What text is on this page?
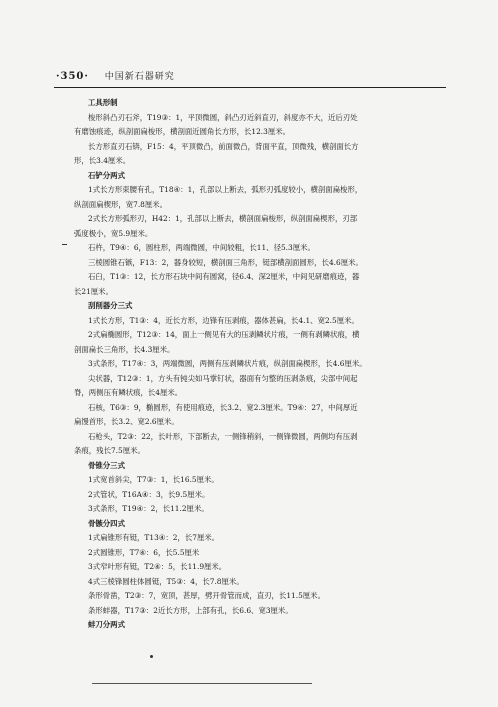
·350· 中国新石器研究

工具形制

梭形斜凸刃石斧，T19③：1，平顶微圆，斜凸刃近斜直刃，斜度亦不大，近后刃处

有磨蚀痕迹，纵剖面扁梭形，横剖面近圆角长方形，长12.3厘米。

长方形直刃石锛，F15：4，平顶微凸，前面微凸，背面平直，顶微残，横剖面长方

形，长3.4厘米。

石铲分两式

1式长方形束腰有孔，T18④：1，孔部以上断去，弧形刃弧度较小，横剖面扁梭形，

纵剖面扁楔形，宽7.8厘米。

2式长方形弧形刃，H42：1，孔部以上断去，横剖面扁梭形，纵剖面扁楔形，刃部

弧度极小，宽5.9厘米。

石杵，T9④：6，圆柱形，两端微圆，中间较粗，长11、径5.3厘米。

三棱圆锥石镞，F13：2，器身较短，横剖面三角形，铤部横剖面圆形，长4.6厘米。

石臼，T1③：12，长方形石块中间有圆窝，径6.4、深2厘米，中间见研磨痕迹，器

长21厘米。

刮削器分三式

1式长方形，T1③：4，近长方形，边锋有压剥痕，器体甚扁，长4.1、宽2.5厘米。

2式扁椭圆形，T12③：14，面上一侧见有大的压剥鳞状片痕，一侧有剥鳞状痕，横

剖面扁长三角形，长4.3厘米。

3式条形，T17④：3，两端微圆，两侧有压剥鳞状片痕，纵剖面扁楔形，长4.6厘米。

尖状器，T12③：1，方头有钝尖如马掌钉状，器面有匀整的压剥条痕，尖部中间起

脊，两侧压有鳞状痕，长4厘米。

石核，T6③：9，椭圆形，有使用痕迹，长3.2、宽2.3厘米。T9④：27，中间厚近

扁馒首形，长3.2、宽2.6厘米。

石枪头，T2③：22，长叶形，下部断去，一侧锋稍斜，一侧锋微圆，两侧均有压剥

条痕，残长7.5厘米。

骨锥分三式

1式宽首斜尖，T7③：1，长16.5厘米。

2式管状，T16A④：3，长9.5厘米。

3式条形，T19④：2，长11.2厘米。

骨镞分四式

1式扁锥形有铤，T13④：2，长7厘米。

2式圆锥形，T7④：6，长5.5厘米

3式窄叶形有铤，T2④：5，长11.9厘米。

4式三棱锋圆柱体圆铤，T5③：4，长7.8厘米。

条形骨凿，T2③：7，宽顶，甚厚，劈开骨管而成，直刃，长11.5厘米。

条形蚌器，T17③：2近长方形，上部有孔，长6.6、宽3厘米。

蚌刀分两式
